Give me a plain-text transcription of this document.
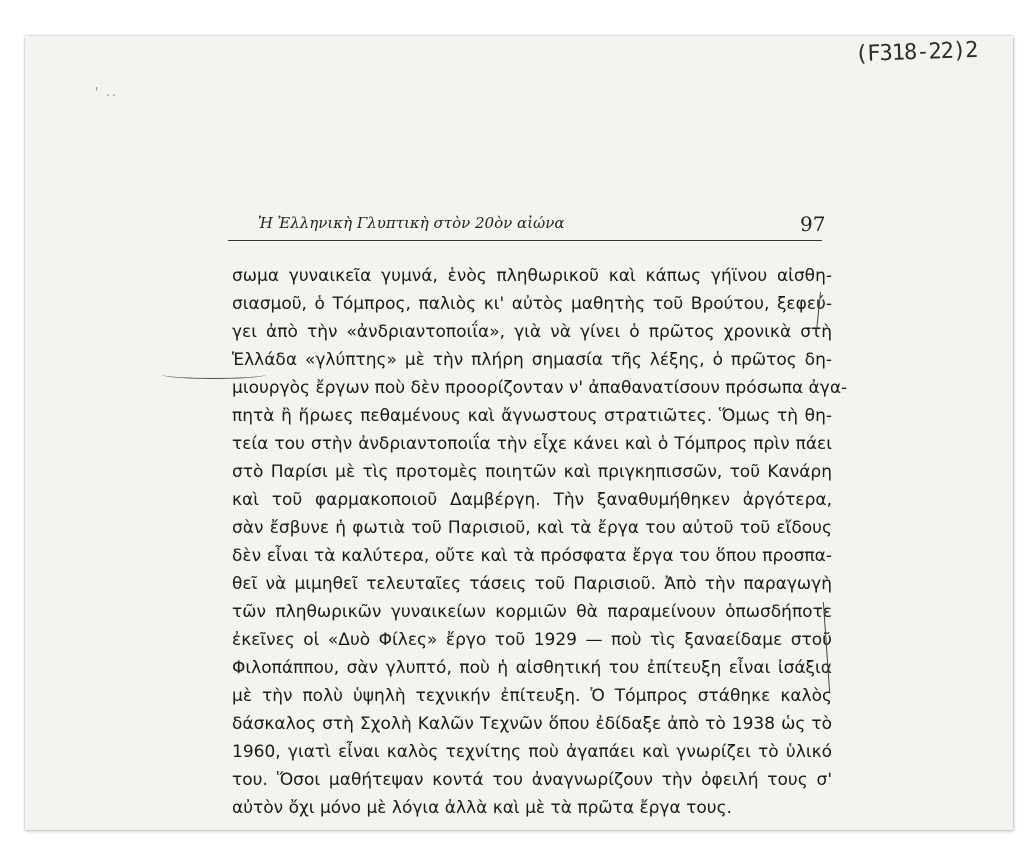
' ..
(F318-22)2
Ἡ Ἑλληνικὴ Γλυπτικὴ στὸν 20ὸν αἰώνα	97
σωμα γυναικεῖα γυμνά, ἑνὸς πληθωρικοῦ καὶ κάπως γήϊνου αἰσθη-
σιασμοῦ, ὁ Τόμπρος, παλιὸς κι' αὐτὸς μαθητὴς τοῦ Βρούτου, ξεφεύ-
γει ἀπὸ τὴν «ἀνδριαντοποιΐα», γιὰ νὰ γίνει ὁ πρῶτος χρονικὰ στὴ
Ἑλλάδα «γλύπτης» μὲ τὴν πλήρη σημασία τῆς λέξης, ὁ πρῶτος δη-
μιουργὸς ἔργων ποὺ δὲν προορίζονταν ν' ἀπαθανατίσουν πρόσωπα ἀγα-
πητὰ ἢ ἥρωες πεθαμένους καὶ ἄγνωστους στρατιῶτες. Ὅμως τὴ θη-
τεία του στὴν ἀνδριαντοποιΐα τὴν εἶχε κάνει καὶ ὁ Τόμπρος πρὶν πάει
στὸ Παρίσι μὲ τὶς προτομὲς ποιητῶν καὶ πριγκηπισσῶν, τοῦ Κανάρη
καὶ τοῦ φαρμακοποιοῦ Δαμβέργη. Τὴν ξαναθυμήθηκεν ἀργότερα,
σὰν ἔσβυνε ἡ φωτιὰ τοῦ Παρισιοῦ, καὶ τὰ ἔργα του αὐτοῦ τοῦ εἴδους
δὲν εἶναι τὰ καλύτερα, οὔτε καὶ τὰ πρόσφατα ἔργα του ὅπου προσπα-
θεῖ νὰ μιμηθεῖ τελευταῖες τάσεις τοῦ Παρισιοῦ. Ἀπὸ τὴν παραγωγὴ
τῶν πληθωρικῶν γυναικείων κορμιῶν θὰ παραμείνουν ὁπωσδήποτε
ἐκεῖνες οἱ «Δυὸ Φίλες» ἔργο τοῦ 1929 — ποὺ τὶς ξαναείδαμε στοῦ
Φιλοπάππου, σὰν γλυπτό, ποὺ ἡ αἰσθητική του ἐπίτευξη εἶναι ἰσάξια
μὲ τὴν πολὺ ὑψηλὴ τεχνικήν ἐπίτευξη. Ὁ Τόμπρος στάθηκε καλὸς
δάσκαλος στὴ Σχολὴ Καλῶν Τεχνῶν ὅπου ἐδίδαξε ἀπὸ τὸ 1938 ὡς τὸ
1960, γιατὶ εἶναι καλὸς τεχνίτης ποὺ ἀγαπάει καὶ γνωρίζει τὸ ὑλικό
του. Ὅσοι μαθήτεψαν κοντά του ἀναγνωρίζουν τὴν ὀφειλή τους σ'
αὐτὸν ὄχι μόνο μὲ λόγια ἀλλὰ καὶ μὲ τὰ πρῶτα ἔργα τους.
